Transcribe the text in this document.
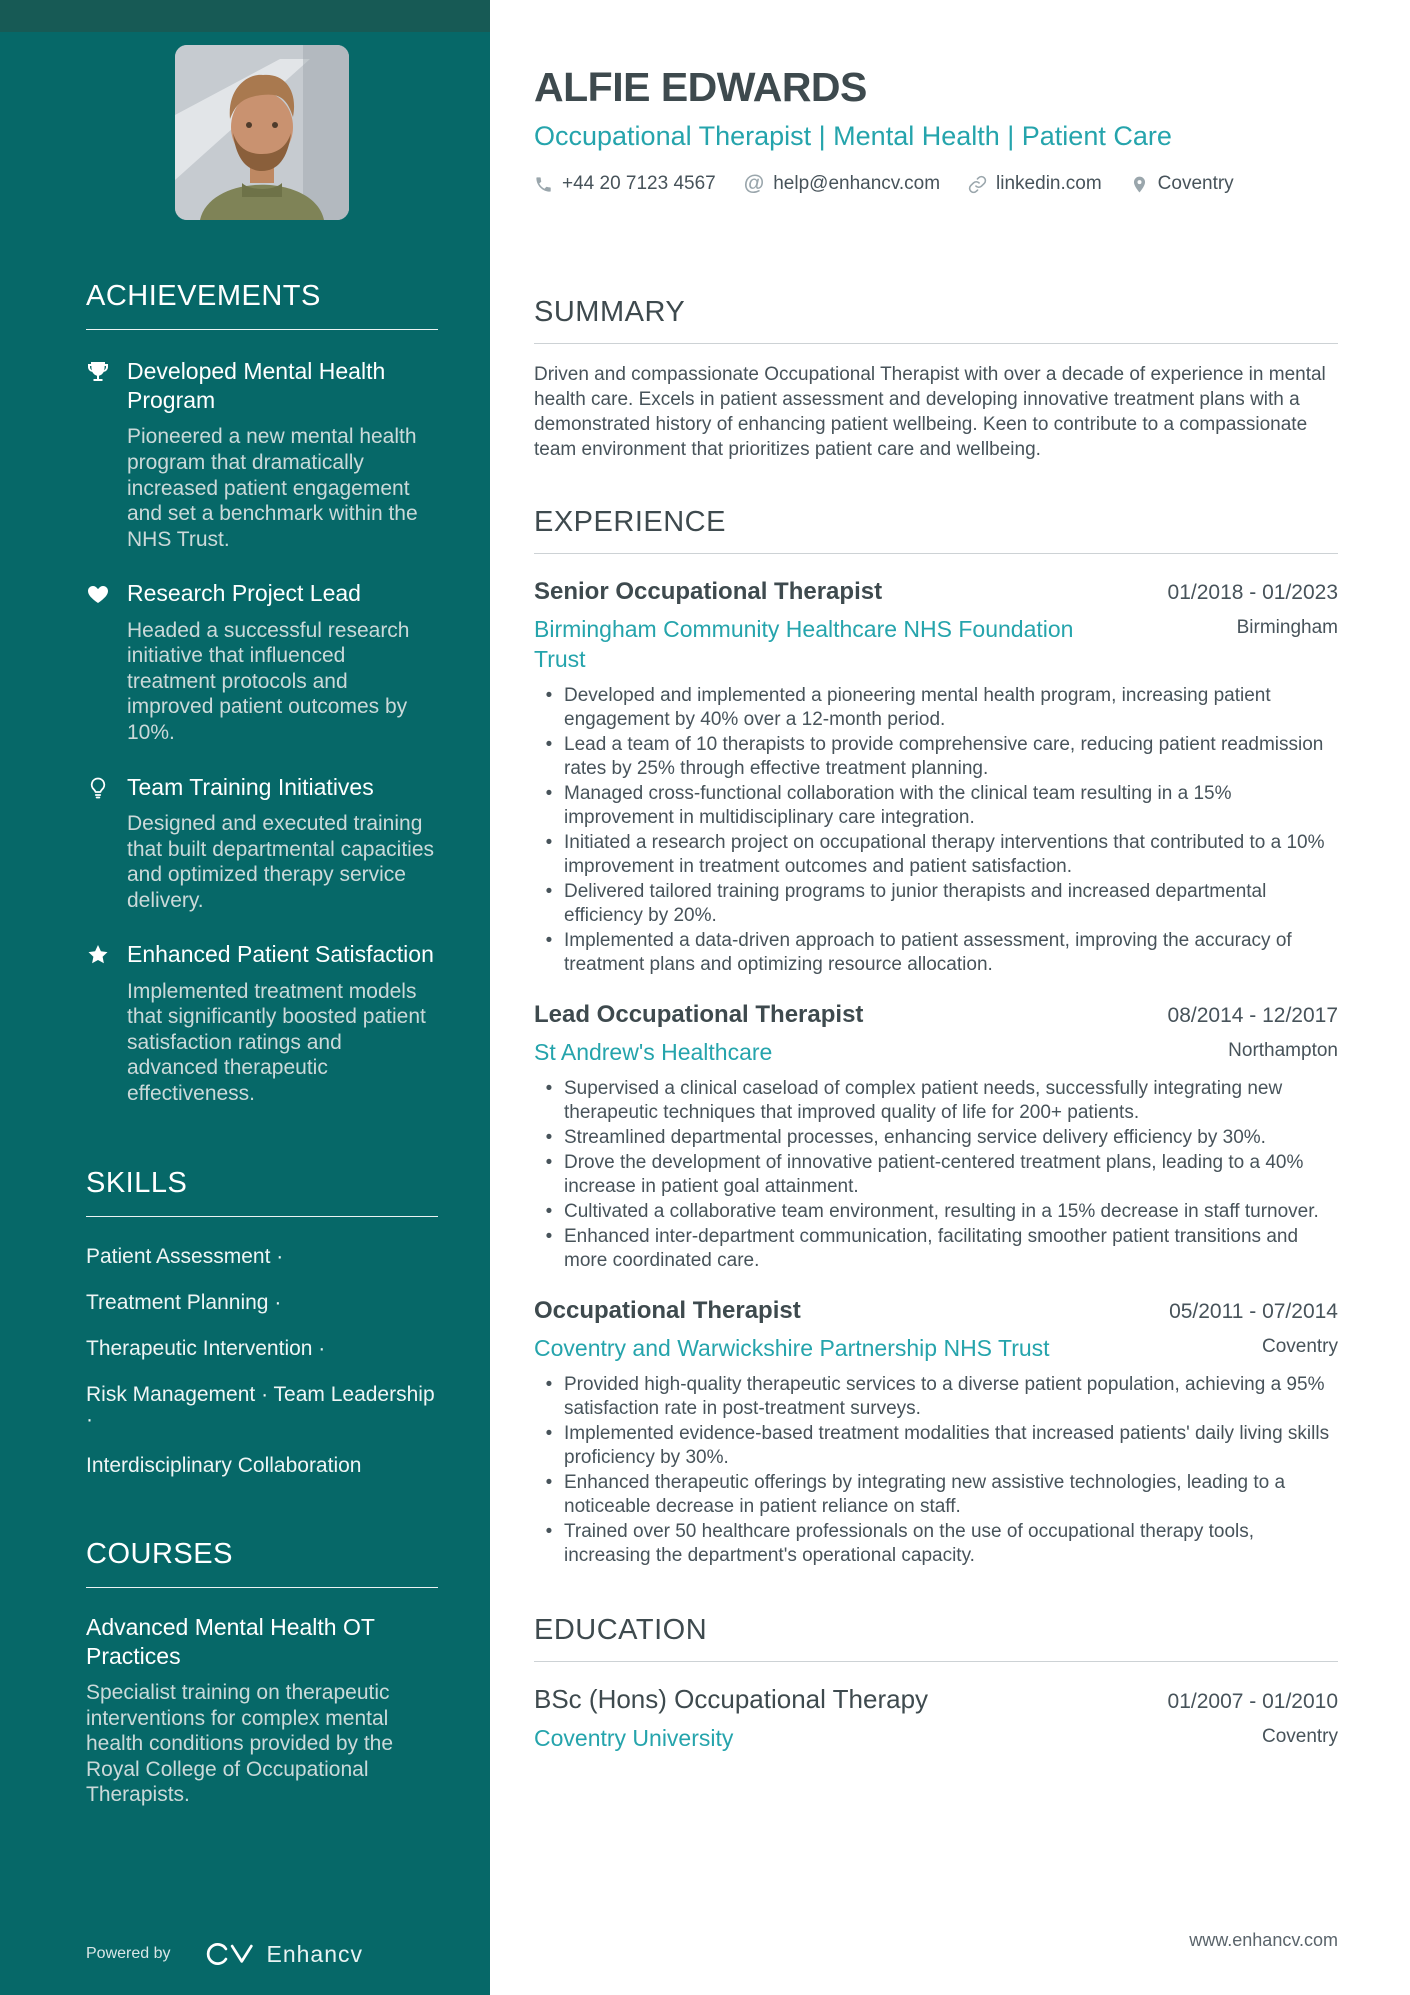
ACHIEVEMENTS
Developed Mental Health Program
Pioneered a new mental health program that dramatically increased patient engagement and set a benchmark within the NHS Trust.
Research Project Lead
Headed a successful research initiative that influenced treatment protocols and improved patient outcomes by 10%.
Team Training Initiatives
Designed and executed training that built departmental capacities and optimized therapy service delivery.
Enhanced Patient Satisfaction
Implemented treatment models that significantly boosted patient satisfaction ratings and advanced therapeutic effectiveness.
SKILLS
Patient Assessment ·
Treatment Planning ·
Therapeutic Intervention ·
Risk Management · Team Leadership ·
Interdisciplinary Collaboration
COURSES
Advanced Mental Health OT Practices
Specialist training on therapeutic interventions for complex mental health conditions provided by the Royal College of Occupational Therapists.
Powered by	Enhancv
ALFIE EDWARDS
Occupational Therapist | Mental Health | Patient Care
+44 20 7123 4567 @ help@enhancv.com	linkedin.com	Coventry
SUMMARY

Driven and compassionate Occupational Therapist with over a decade of experience in mental health care. Excels in patient assessment and developing innovative treatment plans with a demonstrated history of enhancing patient wellbeing. Keen to contribute to a compassionate team environment that prioritizes patient care and wellbeing.

EXPERIENCE
Senior Occupational Therapist	01/2018 - 01/2023
Birmingham Community Healthcare NHS Foundation Trust
Birmingham
• Developed and implemented a pioneering mental health program, increasing patient engagement by 40% over a 12-month period.
• Lead a team of 10 therapists to provide comprehensive care, reducing patient readmission rates by 25% through effective treatment planning.
• Managed cross-functional collaboration with the clinical team resulting in a 15% improvement in multidisciplinary care integration.
• Initiated a research project on occupational therapy interventions that contributed to a 10% improvement in treatment outcomes and patient satisfaction.
• Delivered tailored training programs to junior therapists and increased departmental efficiency by 20%.
• Implemented a data-driven approach to patient assessment, improving the accuracy of treatment plans and optimizing resource allocation.
Lead Occupational Therapist	08/2014 - 12/2017
St Andrew's Healthcare	Northampton
• Supervised a clinical caseload of complex patient needs, successfully integrating new therapeutic techniques that improved quality of life for 200+ patients.
• Streamlined departmental processes, enhancing service delivery efficiency by 30%.
• Drove the development of innovative patient-centered treatment plans, leading to a 40% increase in patient goal attainment.
• Cultivated a collaborative team environment, resulting in a 15% decrease in staff turnover.
• Enhanced inter-department communication, facilitating smoother patient transitions and more coordinated care.
Occupational Therapist	05/2011 - 07/2014
Coventry and Warwickshire Partnership NHS Trust	Coventry
• Provided high-quality therapeutic services to a diverse patient population, achieving a 95% satisfaction rate in post-treatment surveys.
• Implemented evidence-based treatment modalities that increased patients' daily living skills proficiency by 30%.
• Enhanced therapeutic offerings by integrating new assistive technologies, leading to a noticeable decrease in patient reliance on staff.
• Trained over 50 healthcare professionals on the use of occupational therapy tools, increasing the department's operational capacity.
EDUCATION
BSc (Hons) Occupational Therapy	01/2007 - 01/2010
Coventry University	Coventry
www.enhancv.com
